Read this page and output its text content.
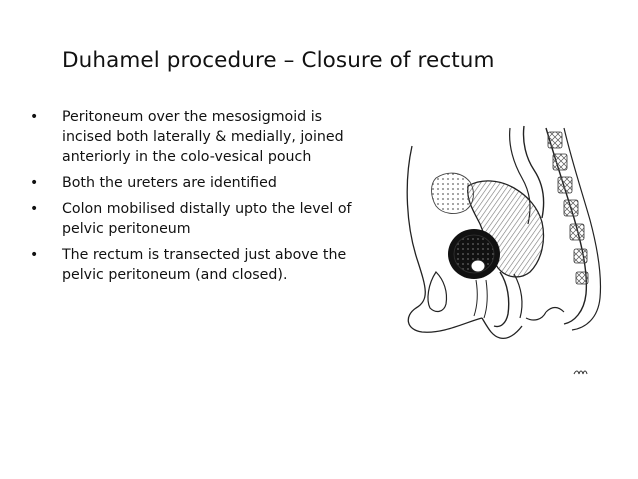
Duhamel procedure – Closure of rectum
• Peritoneum over the mesosigmoid is incised both laterally & medially, joined anteriorly in the colo-vesical pouch
• Both the ureters are identified
• Colon mobilised distally upto the level of pelvic peritoneum
• The rectum is transected just above the pelvic peritoneum (and closed).
